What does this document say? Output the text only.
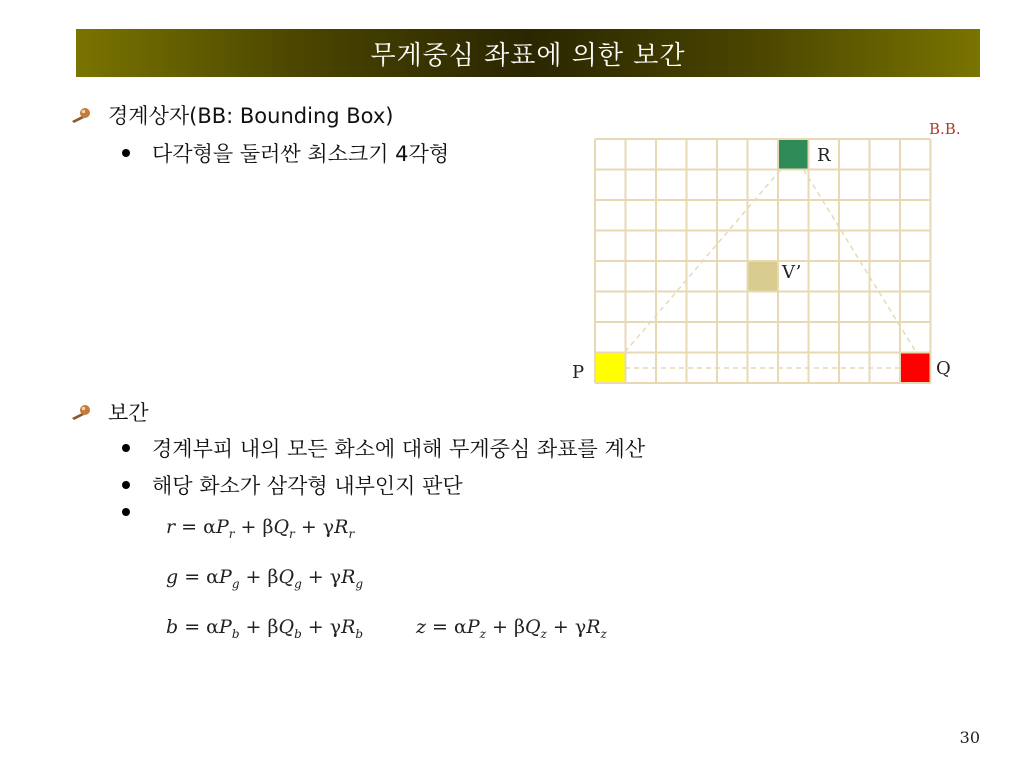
무게중심 좌표에 의한 보간
경계상자(BB: Bounding Box)
다각형을 둘러싼 최소크기 4각형
B.B.
R
V’
P	Q
보간
경계부피 내의 모든 화소에 대해 무게중심 좌표를 계산
해당 화소가 삼각형 내부인지 판단
$r = \alpha P_r + \beta Q_r + \gamma R_r$
$g = \alpha P_g + \beta Q_g + \gamma R_g$
$b = \alpha P_b + \beta Q_b + \gamma R_b$	$z = \alpha P_z + \beta Q_z + \gamma R_z$
30
